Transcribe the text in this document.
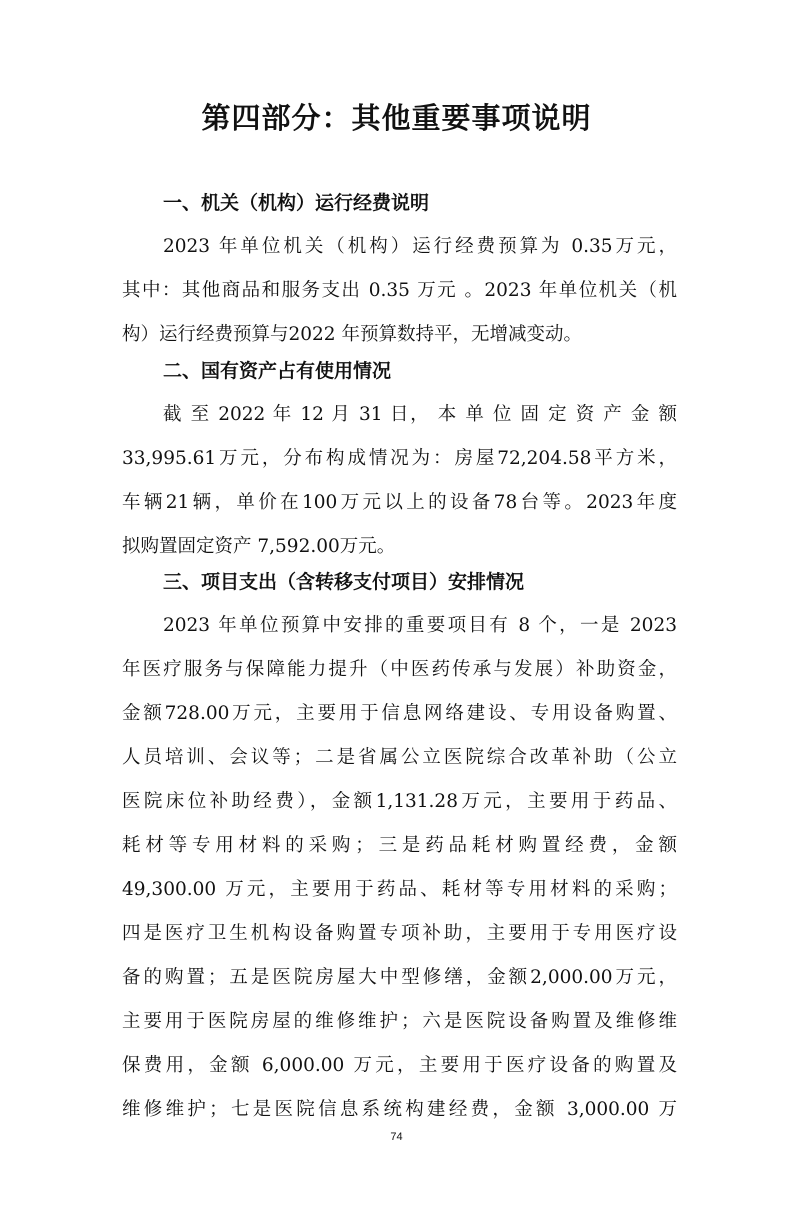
第四部分：其他重要事项说明
一、机关（机构）运行经费说明

2023 年单位机关（机构）运行经费预算为 0.35万元，

其中：其他商品和服务支出 0.35 万元 。2023 年单位机关（机

构）运行经费预算与2022 年预算数持平，无增减变动。

二、国有资产占有使用情况

截 至 2022 年 12 月 31 日， 本 单 位 固 定 资 产 金 额

33,995.61万元，分布构成情况为：房屋72,204.58平方米，

车辆21辆，单价在100万元以上的设备78台等。2023年度

拟购置固定资产 7,592.00万元。

三、项目支出（含转移支付项目）安排情况

2023 年单位预算中安排的重要项目有 8 个，一是 2023

年医疗服务与保障能力提升（中医药传承与发展）补助资金，

金额728.00万元，主要用于信息网络建设、专用设备购置、

人员培训、会议等；二是省属公立医院综合改革补助（公立

医院床位补助经费），金额1,131.28万元，主要用于药品、

耗材等专用材料的采购；三是药品耗材购置经费，金额

49,300.00 万元，主要用于药品、耗材等专用材料的采购；

四是医疗卫生机构设备购置专项补助，主要用于专用医疗设

备的购置；五是医院房屋大中型修缮，金额2,000.00万元，

主要用于医院房屋的维修维护；六是医院设备购置及维修维

保费用，金额 6,000.00 万元，主要用于医疗设备的购置及

维修维护；七是医院信息系统构建经费，金额 3,000.00 万

74
